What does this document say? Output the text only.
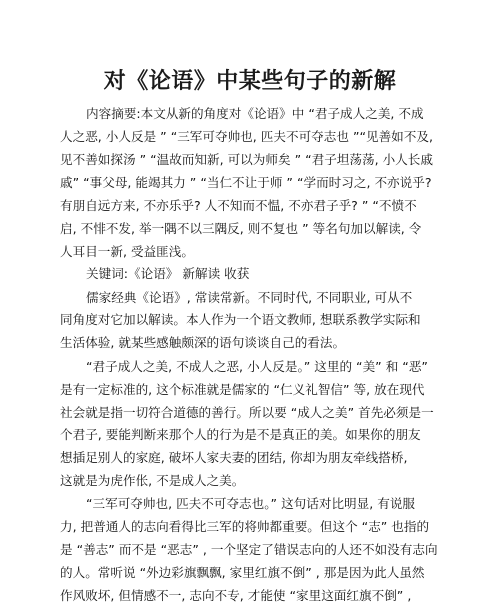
对《论语》中某些句子的新解
内容摘要:本文从新的角度对《论语》中 “君子成人之美, 不成
人之恶, 小人反是 ” “三军可夺帅也, 匹夫不可夺志也 ”“见善如不及,
见不善如探汤 ” “温故而知新, 可以为师矣 ” “君子坦荡荡, 小人长戚
戚” “事父母, 能竭其力 ” “当仁不让于师 ” “学而时习之, 不亦说乎?
有朋自远方来, 不亦乐乎? 人不知而不愠, 不亦君子乎? ” “不愤不
启, 不悱不发, 举一隅不以三隅反, 则不复也 ” 等名句加以解读, 令
人耳目一新, 受益匪浅。
关键词:《论语》 新解读 收获
儒家经典《论语》, 常读常新。不同时代, 不同职业, 可从不
同角度对它加以解读。本人作为一个语文教师, 想联系教学实际和
生活体验, 就某些感触颇深的语句谈谈自己的看法。
“君子成人之美, 不成人之恶, 小人反是。” 这里的 “美” 和 “恶”
是有一定标准的, 这个标准就是儒家的 “仁义礼智信” 等, 放在现代
社会就是指一切符合道德的善行。所以要 “成人之美” 首先必须是一
个君子, 要能判断来那个人的行为是不是真正的美。如果你的朋友
想插足别人的家庭, 破坏人家夫妻的团结, 你却为朋友牵线搭桥,
这就是为虎作伥, 不是成人之美。
“三军可夺帅也, 匹夫不可夺志也。” 这句话对比明显, 有说服
力, 把普通人的志向看得比三军的将帅都重要。但这个 “志” 也指的
是 “善志” 而不是 “恶志” , 一个坚定了错误志向的人还不如没有志向
的人。常听说 “外边彩旗飘飘, 家里红旗不倒” , 那是因为此人虽然
作风败坏, 但情感不一, 志向不专, 才能使 “家里这面红旗不倒” ,
